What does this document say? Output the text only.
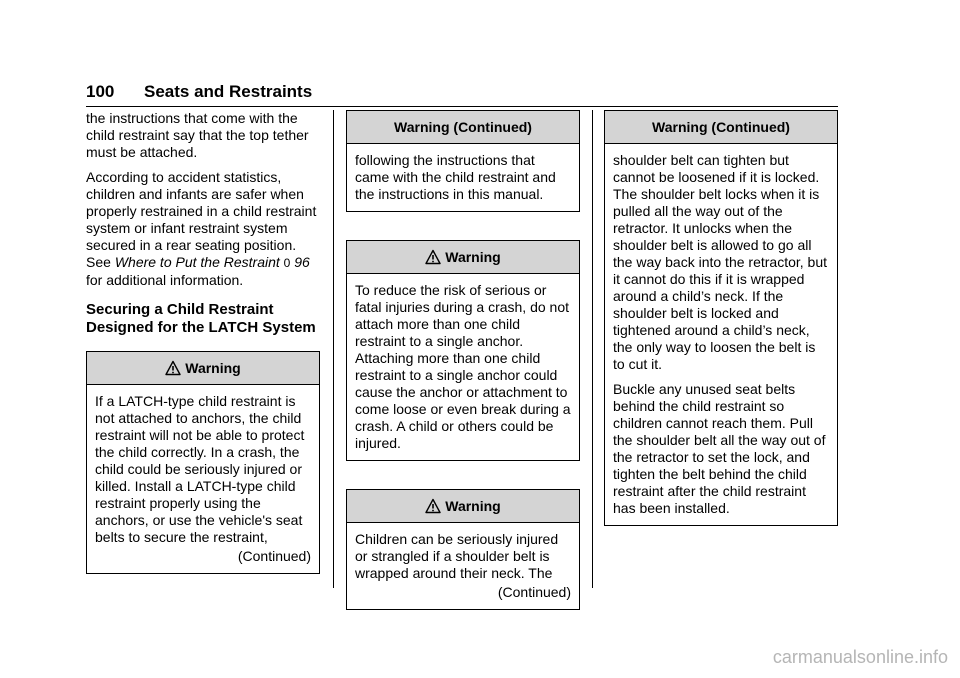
100 Seats and Restraints

the instructions that come with the child restraint say that the top tether must be attached.

According to accident statistics, children and infants are safer when properly restrained in a child restraint system or infant restraint system secured in a rear seating position. See Where to Put the Restraint 0 96 for additional information.

Securing a Child Restraint Designed for the LATCH System
Warning

If a LATCH-type child restraint is not attached to anchors, the child restraint will not be able to protect the child correctly. In a crash, the child could be seriously injured or killed. Install a LATCH-type child restraint properly using the anchors, or use the vehicle's seat belts to secure the restraint,

(Continued)
Warning (Continued)

following the instructions that came with the child restraint and the instructions in this manual.

Warning

To reduce the risk of serious or fatal injuries during a crash, do not attach more than one child restraint to a single anchor. Attaching more than one child restraint to a single anchor could cause the anchor or attachment to come loose or even break during a crash. A child or others could be injured.

Warning

Children can be seriously injured or strangled if a shoulder belt is wrapped around their neck. The

(Continued)
Warning (Continued)

shoulder belt can tighten but cannot be loosened if it is locked. The shoulder belt locks when it is pulled all the way out of the retractor. It unlocks when the shoulder belt is allowed to go all the way back into the retractor, but it cannot do this if it is wrapped around a child’s neck. If the shoulder belt is locked and tightened around a child’s neck, the only way to loosen the belt is to cut it.

Buckle any unused seat belts behind the child restraint so children cannot reach them. Pull the shoulder belt all the way out of the retractor to set the lock, and tighten the belt behind the child restraint after the child restraint has been installed.

carmanualsonline.info
